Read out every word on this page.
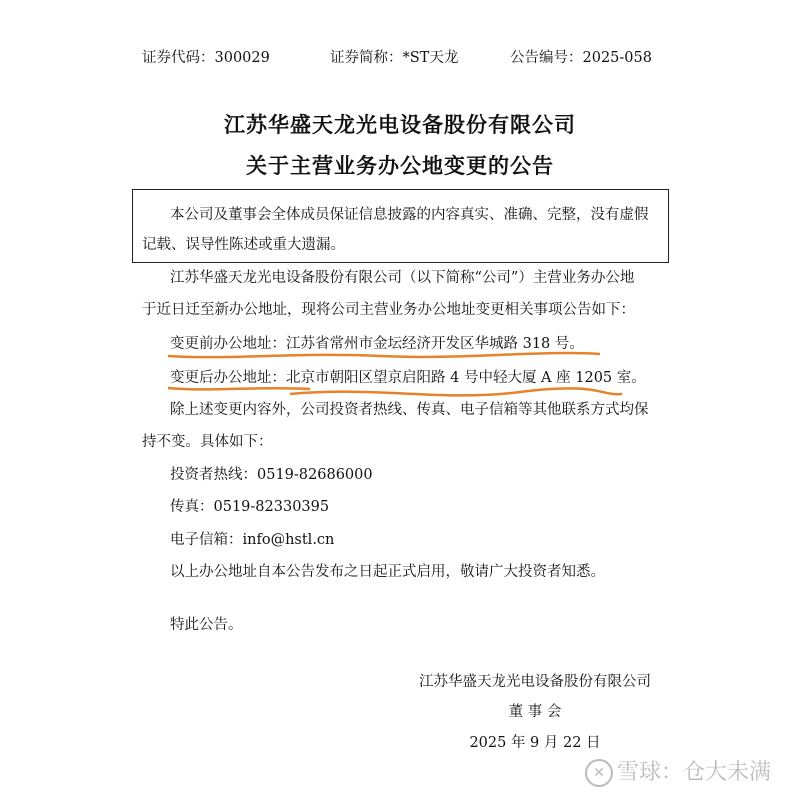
证券代码：300029	证券简称：*ST天龙	公告编号：2025-058
江苏华盛天龙光电设备股份有限公司
关于主营业务办公地变更的公告
本公司及董事会全体成员保证信息披露的内容真实、准确、完整，没有虚假
记载、误导性陈述或重大遗漏。
江苏华盛天龙光电设备股份有限公司（以下简称“公司”）主营业务办公地
于近日迁至新办公地址，现将公司主营业务办公地址变更相关事项公告如下：
变更前办公地址：江苏省常州市金坛经济开发区华城路 318 号。
变更后办公地址：北京市朝阳区望京启阳路 4 号中轻大厦 A 座 1205 室。
除上述变更内容外，公司投资者热线、传真、电子信箱等其他联系方式均保
持不变。具体如下：
投资者热线：0519-82686000
传真：0519-82330395
电子信箱：info@hstl.cn
以上办公地址自本公告发布之日起正式启用，敬请广大投资者知悉。
特此公告。
江苏华盛天龙光电设备股份有限公司
董 事 会
2025 年 9 月 22 日
✕ 雪球：仓大未满
